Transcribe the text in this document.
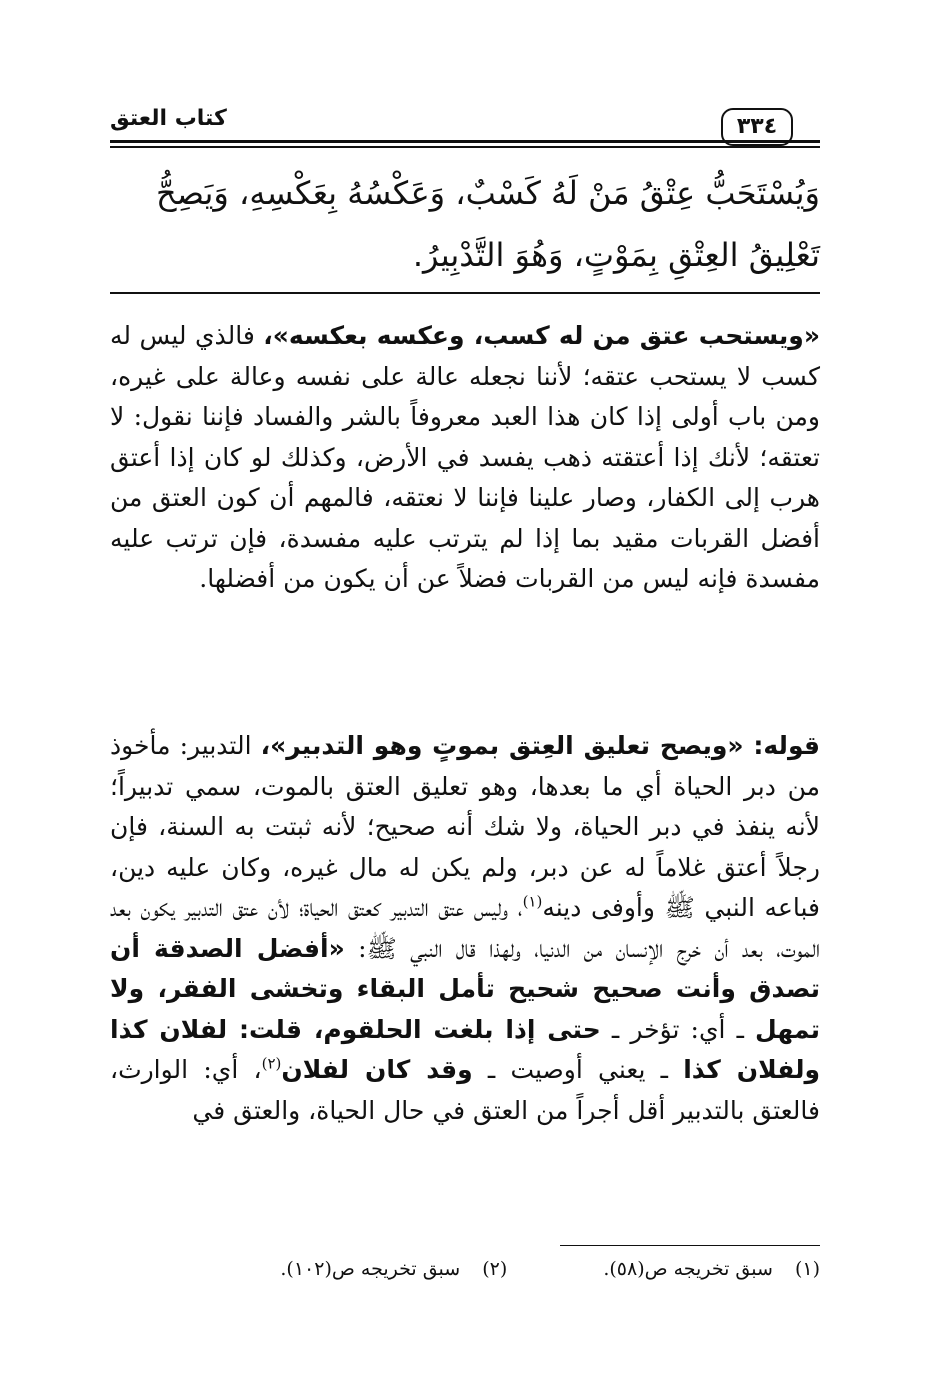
كتاب العتق	٣٣٤
وَيُسْتَحَبُّ عِتْقُ مَنْ لَهُ كَسْبٌ، وَعَكْسُهُ بِعَكْسِهِ، وَيَصِحُّ
تَعْلِيقُ العِتْقِ بِمَوْتٍ، وَهُوَ التَّدْبِيرُ.

«ويستحب عتق من له كسب، وعكسه بعكسه»، فالذي ليس له كسب لا يستحب عتقه؛ لأننا نجعله عالة على نفسه وعالة على غيره، ومن باب أولى إذا كان هذا العبد معروفاً بالشر والفساد فإننا نقول: لا تعتقه؛ لأنك إذا أعتقته ذهب يفسد في الأرض، وكذلك لو كان إذا أعتق هرب إلى الكفار، وصار علينا فإننا لا نعتقه، فالمهم أن كون العتق من أفضل القربات مقيد بما إذا لم يترتب عليه مفسدة، فإن ترتب عليه مفسدة فإنه ليس من القربات فضلاً عن أن يكون من أفضلها.

قوله: «ويصح تعليق العِتق بموتٍ وهو التدبير»، التدبير: مأخوذ من دبر الحياة أي ما بعدها، وهو تعليق العتق بالموت، سمي تدبيراً؛ لأنه ينفذ في دبر الحياة، ولا شك أنه صحيح؛ لأنه ثبتت به السنة، فإن رجلاً أعتق غلاماً له عن دبر، ولم يكن له مال غيره، وكان عليه دين، فباعه النبي ﷺ وأوفى دينه$^{(١)}$، وليس عتق التدبير كعتق الحياة؛ لأن عتق التدبير يكون بعد الموت، بعد أن خرج الإنسان من الدنيا، ولهذا قال النبي ﷺ: «أفضل الصدقة أن تصدق وأنت صحيح شحيح تأمل البقاء وتخشى الفقر، ولا تمهل ـ أي: تؤخر ـ حتى إذا بلغت الحلقوم، قلت: لفلان كذا ولفلان كذا ـ يعني أوصيت ـ وقد كان لفلان$^{(٢)}$، أي: الوارث، فالعتق بالتدبير أقل أجراً من العتق في حال الحياة، والعتق في

(١)سبق تخريجه ص(٥٨). (٢)سبق تخريجه ص(١٠٢).
